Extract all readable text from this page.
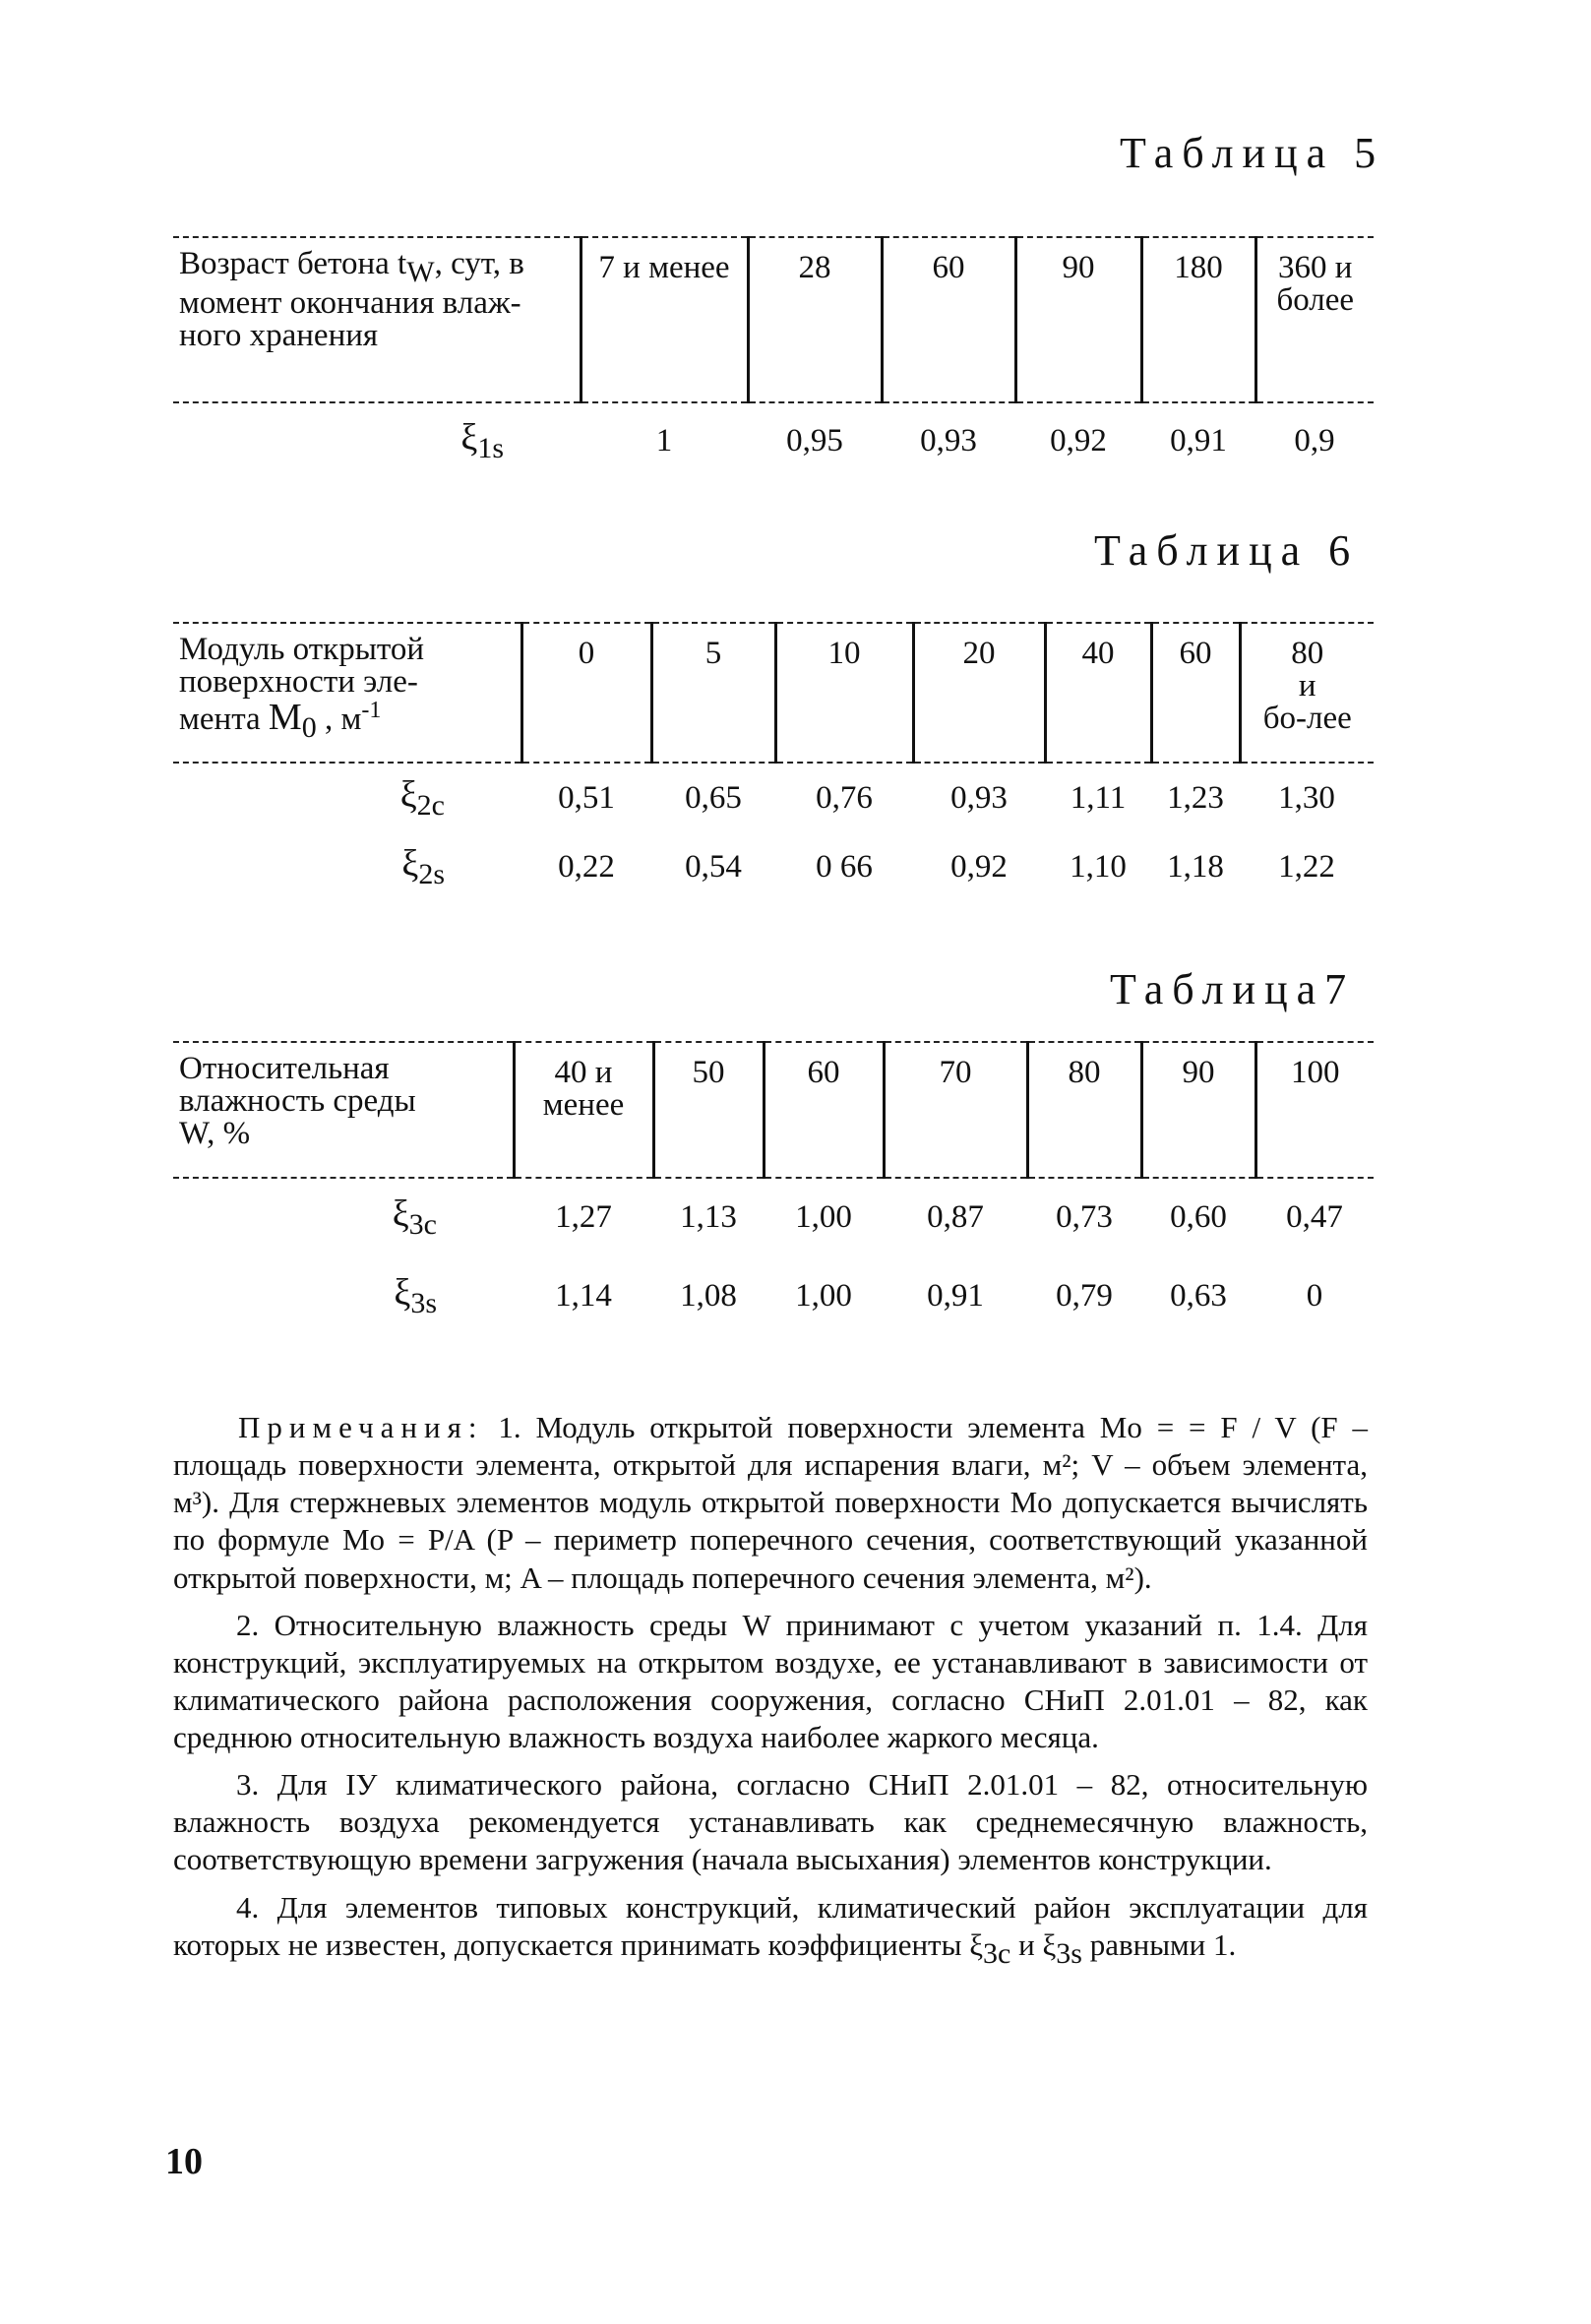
Таблица 5
Возраст бетона tW, сут, в момент окончания влаж-ного хранения	7 и менее	28	60	90	180	360 и более
$\xi_{1s}$	1	0,95	0,93	0,92	0,91	0,9
Таблица 6
Модуль открытой
поверхности эле-
мента M0 , $м^{-1}$	0	5	10	20	40	60	80 и бо-лее
$\xi_{2c}$	0,51	0,65	0,76	0,93	1,11	1,23	1,30
$\xi_{2s}$	0,22	0,54	0 66	0,92	1,10	1,18	1,22
Таблица7
Относительная
влажность среды
W, %	40 и менее	50	60	70	80	90	100
$\xi_{3c}$	1,27	1,13	1,00	0,87	0,73	0,60	0,47
$\xi_{3s}$	1,14	1,08	1,00	0,91	0,79	0,63	0

Примечания: 1. Модуль открытой поверхности элемента Mo = = F / V (F – площадь поверхности элемента, открытой для испарения влаги, м²; V – объем элемента, м³). Для стержневых элементов модуль открытой поверхности Mo допускается вычислять по формуле Mo = P/A (P – периметр поперечного сечения, соответствующий указанной открытой поверхности, м; A – площадь поперечного сечения элемента, м²).

2. Относительную влажность среды W принимают с учетом указаний п. 1.4. Для конструкций, эксплуатируемых на открытом воздухе, ее устанавливают в зависимости от климатического района расположения сооружения, согласно СНиП 2.01.01 – 82, как среднюю относительную влажность воздуха наиболее жаркого месяца.

3. Для IУ климатического района, согласно СНиП 2.01.01 – 82, относительную влажность воздуха рекомендуется устанавливать как среднемесячную влажность, соответствующую времени загружения (начала высыхания) элементов конструкции.

4. Для элементов типовых конструкций, климатический район эксплуатации для которых не известен, допускается принимать коэффициенты ξ3c и ξ3s равными 1.

10
